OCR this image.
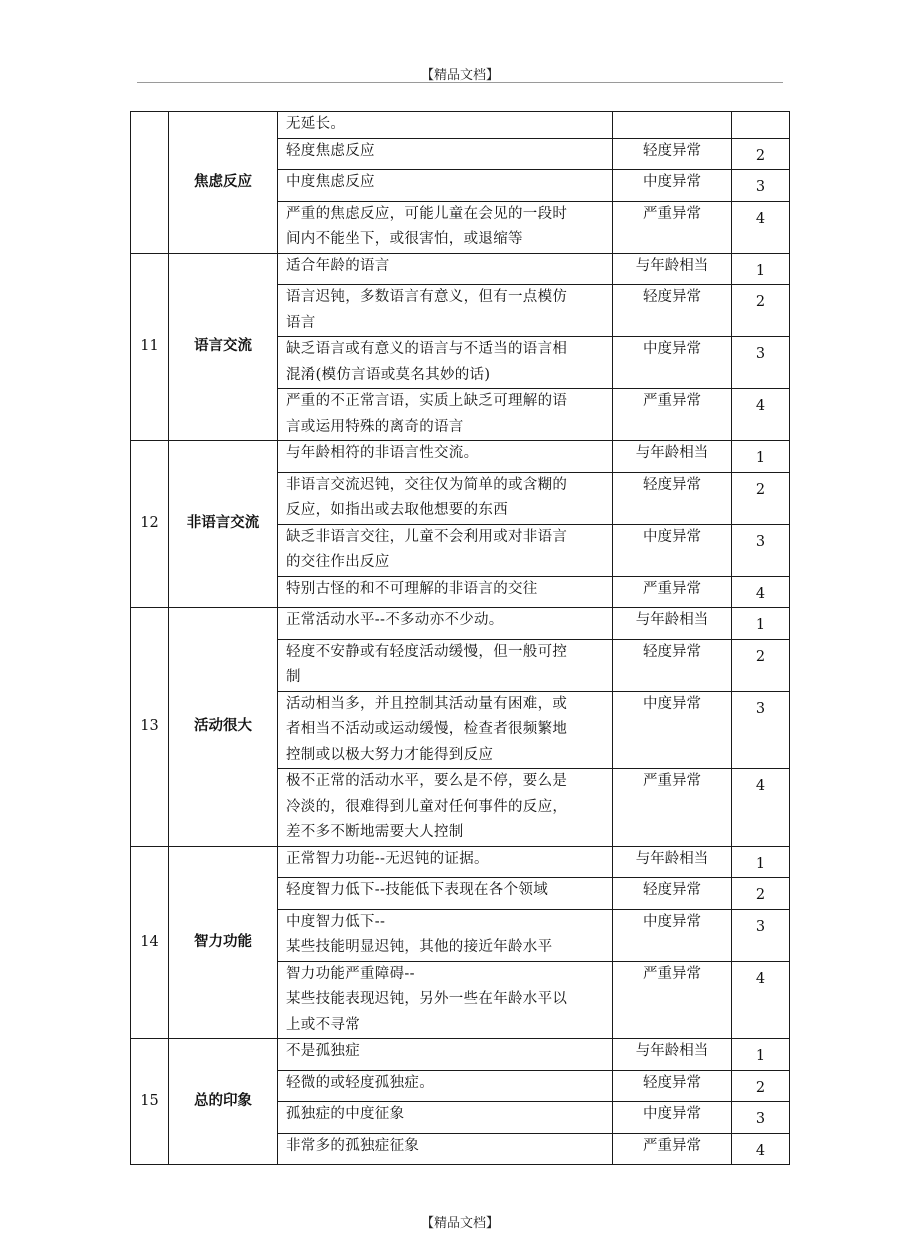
【精品文档】
	焦虑反应	无延长。		

		轻度焦虑反应	轻度异常	2

		中度焦虑反应	中度异常	3

		严重的焦虑反应，可能儿童在会见的一段时
间内不能坐下，或很害怕，或退缩等	严重异常	4
11	语言交流	适合年龄的语言	与年龄相当	1

		语言迟钝，多数语言有意义，但有一点模仿
语言	轻度异常	2

		缺乏语言或有意义的语言与不适当的语言相
混淆(模仿言语或莫名其妙的话)	中度异常	3

		严重的不正常言语，实质上缺乏可理解的语
言或运用特殊的离奇的语言	严重异常	4
12	非语言交流	与年龄相符的非语言性交流。	与年龄相当	1

		非语言交流迟钝，交往仅为简单的或含糊的
反应，如指出或去取他想要的东西	轻度异常	2

		缺乏非语言交往，儿童不会利用或对非语言
的交往作出反应	中度异常	3

		特别古怪的和不可理解的非语言的交往	严重异常	4
13	活动很大	正常活动水平--不多动亦不少动。	与年龄相当	1

		轻度不安静或有轻度活动缓慢，但一般可控
制	轻度异常	2

		活动相当多，并且控制其活动量有困难，或
者相当不活动或运动缓慢，检查者很频繁地
控制或以极大努力才能得到反应	中度异常	3

		极不正常的活动水平，要么是不停，要么是
冷淡的，很难得到儿童对任何事件的反应，
差不多不断地需要大人控制	严重异常	4
14	智力功能	正常智力功能--无迟钝的证据。	与年龄相当	1

		轻度智力低下--技能低下表现在各个领域	轻度异常	2

		中度智力低下--
某些技能明显迟钝，其他的接近年龄水平	中度异常	3

		智力功能严重障碍--
某些技能表现迟钝，另外一些在年龄水平以
上或不寻常	严重异常	4
15	总的印象	不是孤独症	与年龄相当	1

		轻微的或轻度孤独症。	轻度异常	2

		孤独症的中度征象	中度异常	3

		非常多的孤独症征象	严重异常	4
【精品文档】
